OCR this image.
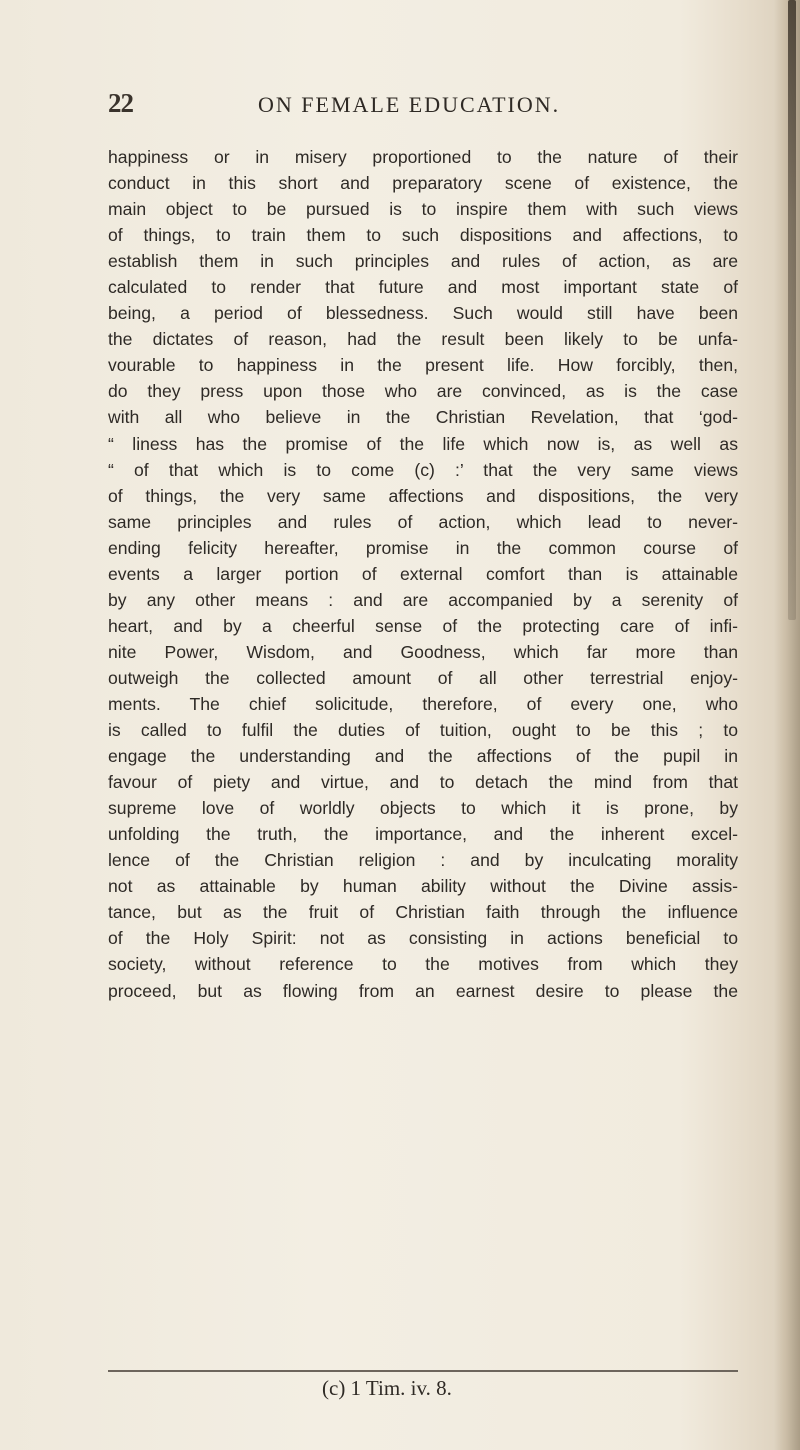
22	ON FEMALE EDUCATION.
happiness or in misery proportioned to the nature of their
conduct in this short and preparatory scene of existence, the
main object to be pursued is to inspire them with such views
of things, to train them to such dispositions and affections, to
establish them in such principles and rules of action, as are
calculated to render that future and most important state of
being, a period of blessedness. Such would still have been
the dictates of reason, had the result been likely to be unfa-
vourable to happiness in the present life. How forcibly, then,
do they press upon those who are convinced, as is the case
with all who believe in the Christian Revelation, that ‘god-
“ liness has the promise of the life which now is, as well as
“ of that which is to come (c) :’ that the very same views
of things, the very same affections and dispositions, the very
same principles and rules of action, which lead to never-
ending felicity hereafter, promise in the common course of
events a larger portion of external comfort than is attainable
by any other means : and are accompanied by a serenity of
heart, and by a cheerful sense of the protecting care of infi-
nite Power, Wisdom, and Goodness, which far more than
outweigh the collected amount of all other terrestrial enjoy-
ments. The chief solicitude, therefore, of every one, who
is called to fulfil the duties of tuition, ought to be this ; to
engage the understanding and the affections of the pupil in
favour of piety and virtue, and to detach the mind from that
supreme love of worldly objects to which it is prone, by
unfolding the truth, the importance, and the inherent excel-
lence of the Christian religion : and by inculcating morality
not as attainable by human ability without the Divine assis-
tance, but as the fruit of Christian faith through the influence
of the Holy Spirit: not as consisting in actions beneficial to
society, without reference to the motives from which they
proceed, but as flowing from an earnest desire to please the
(c) 1 Tim. iv. 8.
